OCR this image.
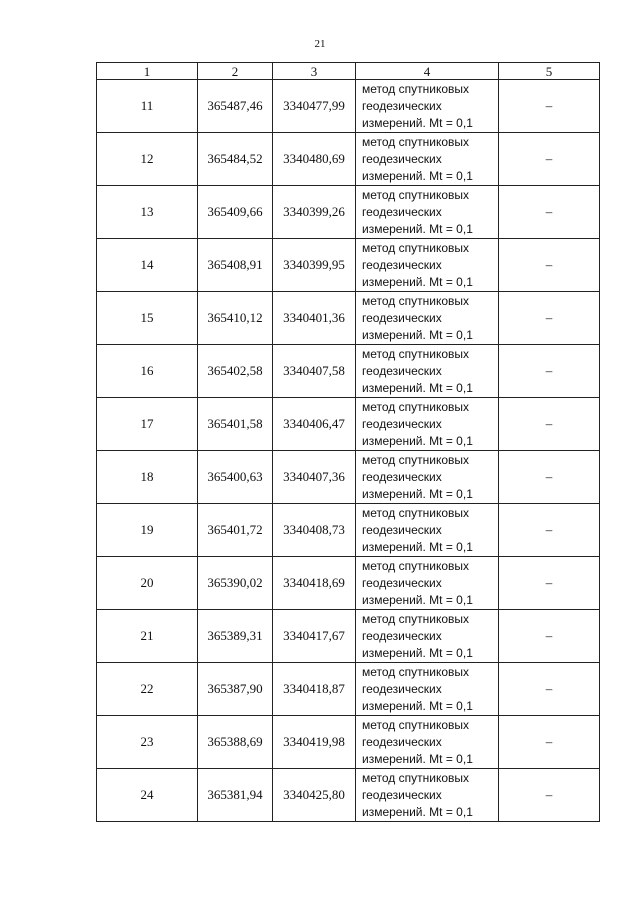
21
1	2	3	4	5
11	365487,46	3340477,99	метод спутниковых
геодезических
измерений. Mt = 0,1	–
12	365484,52	3340480,69	метод спутниковых
геодезических
измерений. Mt = 0,1	–
13	365409,66	3340399,26	метод спутниковых
геодезических
измерений. Mt = 0,1	–
14	365408,91	3340399,95	метод спутниковых
геодезических
измерений. Mt = 0,1	–
15	365410,12	3340401,36	метод спутниковых
геодезических
измерений. Mt = 0,1	–
16	365402,58	3340407,58	метод спутниковых
геодезических
измерений. Mt = 0,1	–
17	365401,58	3340406,47	метод спутниковых
геодезических
измерений. Mt = 0,1	–
18	365400,63	3340407,36	метод спутниковых
геодезических
измерений. Mt = 0,1	–
19	365401,72	3340408,73	метод спутниковых
геодезических
измерений. Mt = 0,1	–
20	365390,02	3340418,69	метод спутниковых
геодезических
измерений. Mt = 0,1	–
21	365389,31	3340417,67	метод спутниковых
геодезических
измерений. Mt = 0,1	–
22	365387,90	3340418,87	метод спутниковых
геодезических
измерений. Mt = 0,1	–
23	365388,69	3340419,98	метод спутниковых
геодезических
измерений. Mt = 0,1	–
24	365381,94	3340425,80	метод спутниковых
геодезических
измерений. Mt = 0,1	–
